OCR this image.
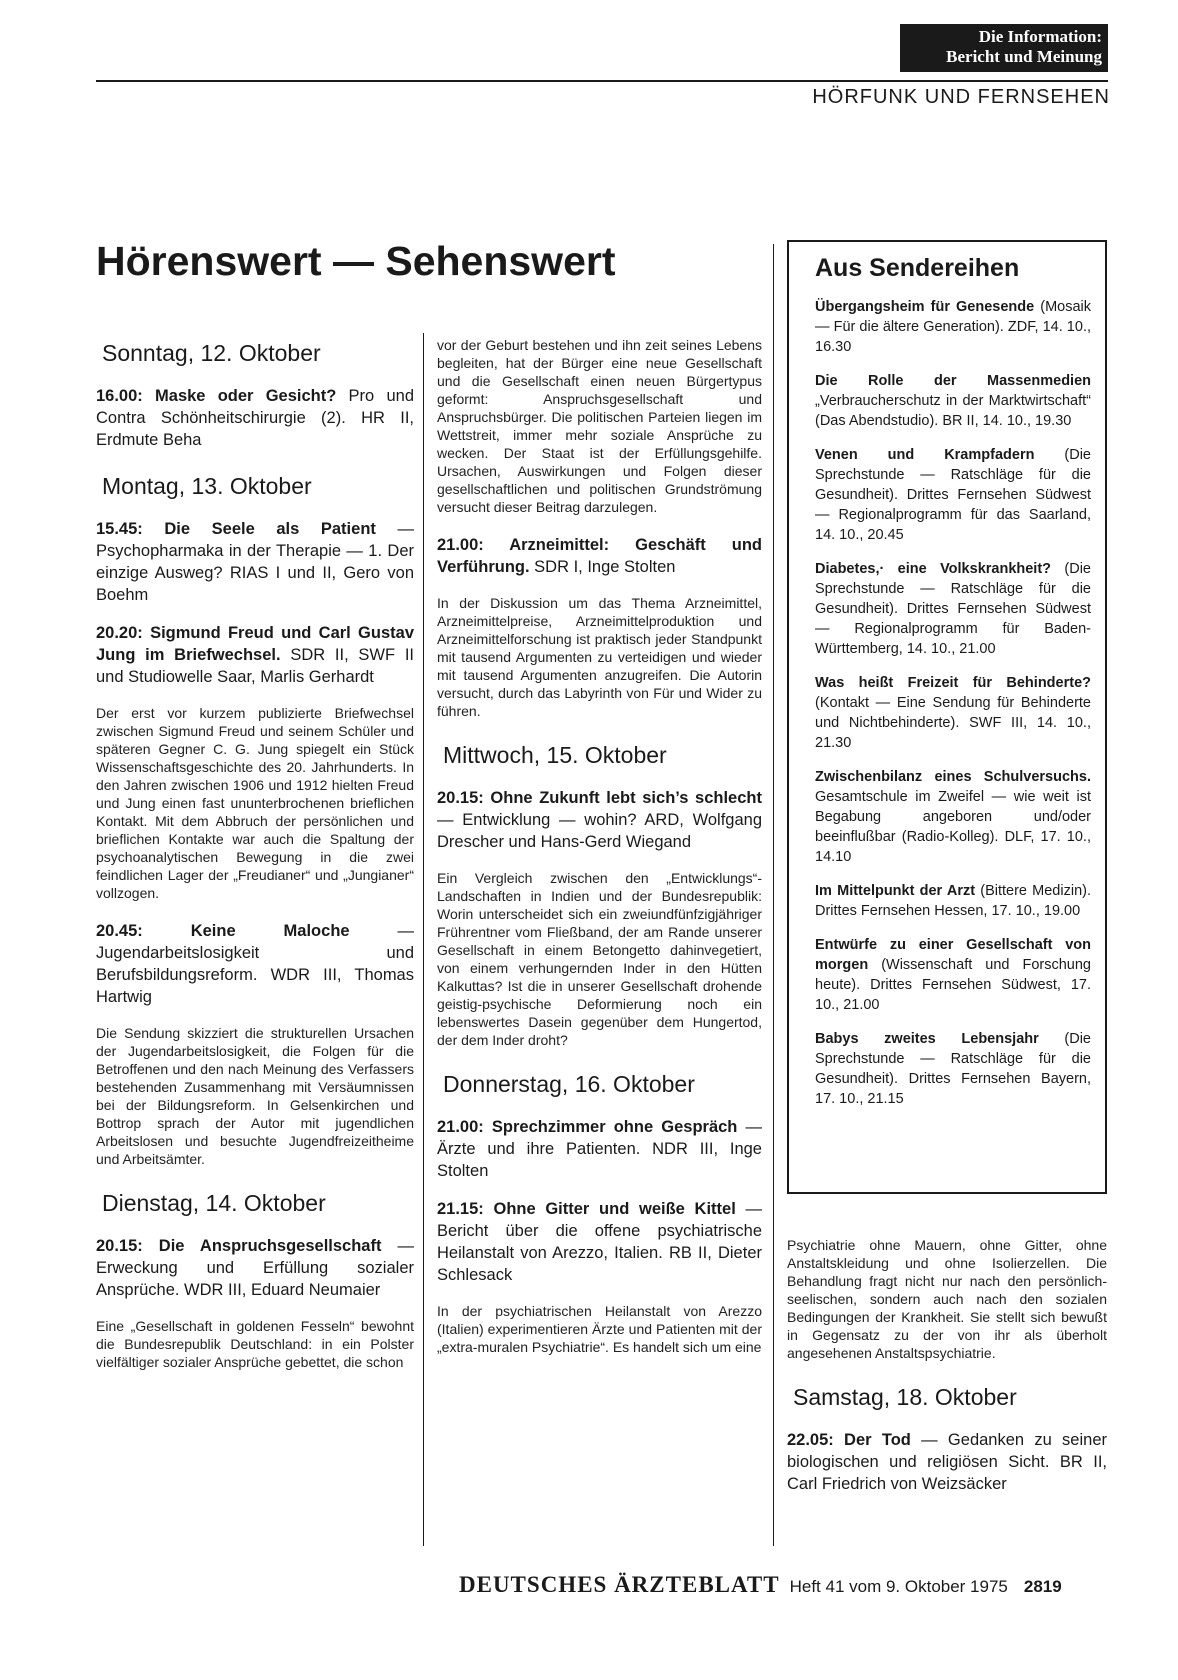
Die Information:
Bericht und Meinung
HÖRFUNK UND FERNSEHEN
Hörenswert — Sehenswert
Sonntag, 12. Oktober

16.00: Maske oder Gesicht? Pro und Contra Schönheitschirurgie (2). HR II, Erdmute Beha

Montag, 13. Oktober

15.45: Die Seele als Patient — Psychopharmaka in der Therapie — 1. Der einzige Ausweg? RIAS I und II, Gero von Boehm

20.20: Sigmund Freud und Carl Gustav Jung im Briefwechsel. SDR II, SWF II und Studiowelle Saar, Marlis Gerhardt

Der erst vor kurzem publizierte Briefwechsel zwischen Sigmund Freud und seinem Schüler und späteren Gegner C. G. Jung spiegelt ein Stück Wissenschaftsgeschichte des 20. Jahrhunderts. In den Jahren zwischen 1906 und 1912 hielten Freud und Jung einen fast ununterbrochenen brieflichen Kontakt. Mit dem Abbruch der persönlichen und brieflichen Kontakte war auch die Spaltung der psychoanalytischen Bewegung in die zwei feindlichen Lager der „Freudianer“ und „Jungianer“ vollzogen.

20.45: Keine Maloche — Jugendarbeitslosigkeit und Berufsbildungsreform. WDR III, Thomas Hartwig

Die Sendung skizziert die strukturellen Ursachen der Jugendarbeitslosigkeit, die Folgen für die Betroffenen und den nach Meinung des Verfassers bestehenden Zusammenhang mit Versäumnissen bei der Bildungsreform. In Gelsenkirchen und Bottrop sprach der Autor mit jugendlichen Arbeitslosen und besuchte Jugendfreizeitheime und Arbeitsämter.

Dienstag, 14. Oktober

20.15: Die Anspruchsgesellschaft — Erweckung und Erfüllung sozialer Ansprüche. WDR III, Eduard Neumaier

Eine „Gesellschaft in goldenen Fesseln“ bewohnt die Bundesrepublik Deutschland: in ein Polster vielfältiger sozialer Ansprüche gebettet, die schon

vor der Geburt bestehen und ihn zeit seines Lebens begleiten, hat der Bürger eine neue Gesellschaft und die Gesellschaft einen neuen Bürgertypus geformt: Anspruchsgesellschaft und Anspruchsbürger. Die politischen Parteien liegen im Wettstreit, immer mehr soziale Ansprüche zu wecken. Der Staat ist der Erfüllungsgehilfe. Ursachen, Auswirkungen und Folgen dieser gesellschaftlichen und politischen Grundströmung versucht dieser Beitrag darzulegen.

21.00: Arzneimittel: Geschäft und Verführung. SDR I, Inge Stolten

In der Diskussion um das Thema Arzneimittel, Arzneimittelpreise, Arzneimittelproduktion und Arzneimittelforschung ist praktisch jeder Standpunkt mit tausend Argumenten zu verteidigen und wieder mit tausend Argumenten anzugreifen. Die Autorin versucht, durch das Labyrinth von Für und Wider zu führen.

Mittwoch, 15. Oktober

20.15: Ohne Zukunft lebt sich’s schlecht — Entwicklung — wohin? ARD, Wolfgang Drescher und Hans-Gerd Wiegand

Ein Vergleich zwischen den „Entwicklungs“-Landschaften in Indien und der Bundesrepublik: Worin unterscheidet sich ein zweiundfünfzigjähriger Frührentner vom Fließband, der am Rande unserer Gesellschaft in einem Betongetto dahinvegetiert, von einem verhungernden Inder in den Hütten Kalkuttas? Ist die in unserer Gesellschaft drohende geistig-psychische Deformierung noch ein lebenswertes Dasein gegenüber dem Hungertod, der dem Inder droht?

Donnerstag, 16. Oktober

21.00: Sprechzimmer ohne Gespräch — Ärzte und ihre Patienten. NDR III, Inge Stolten

21.15: Ohne Gitter und weiße Kittel — Bericht über die offene psychiatrische Heilanstalt von Arezzo, Italien. RB II, Dieter Schlesack

In der psychiatrischen Heilanstalt von Arezzo (Italien) experimentieren Ärzte und Patienten mit der „extra-muralen Psychiatrie“. Es handelt sich um eine

Aus Sendereihen

Übergangsheim für Genesende (Mosaik — Für die ältere Generation). ZDF, 14. 10., 16.30

Die Rolle der Massenmedien „Verbraucherschutz in der Marktwirtschaft“ (Das Abendstudio). BR II, 14. 10., 19.30

Venen und Krampfadern (Die Sprechstunde — Ratschläge für die Gesundheit). Drittes Fernsehen Südwest — Regionalprogramm für das Saarland, 14. 10., 20.45

Diabetes,· eine Volkskrankheit? (Die Sprechstunde — Ratschläge für die Gesundheit). Drittes Fernsehen Südwest — Regionalprogramm für Baden-Württemberg, 14. 10., 21.00

Was heißt Freizeit für Behinderte? (Kontakt — Eine Sendung für Behinderte und Nichtbehinderte). SWF III, 14. 10., 21.30

Zwischenbilanz eines Schulversuchs. Gesamtschule im Zweifel — wie weit ist Begabung angeboren und/oder beeinflußbar (Radio-Kolleg). DLF, 17. 10., 14.10

Im Mittelpunkt der Arzt (Bittere Medizin). Drittes Fernsehen Hessen, 17. 10., 19.00

Entwürfe zu einer Gesellschaft von morgen (Wissenschaft und Forschung heute). Drittes Fernsehen Südwest, 17. 10., 21.00

Babys zweites Lebensjahr (Die Sprechstunde — Ratschläge für die Gesundheit). Drittes Fernsehen Bayern, 17. 10., 21.15

Psychiatrie ohne Mauern, ohne Gitter, ohne Anstaltskleidung und ohne Isolierzellen. Die Behandlung fragt nicht nur nach den persönlich-seelischen, sondern auch nach den sozialen Bedingungen der Krankheit. Sie stellt sich bewußt in Gegensatz zu der von ihr als überholt angesehenen Anstaltspsychiatrie.

Samstag, 18. Oktober

22.05: Der Tod — Gedanken zu seiner biologischen und religiösen Sicht. BR II, Carl Friedrich von Weizsäcker

DEUTSCHES ÄRZTEBLATT Heft 41 vom 9. Oktober 1975 2819
